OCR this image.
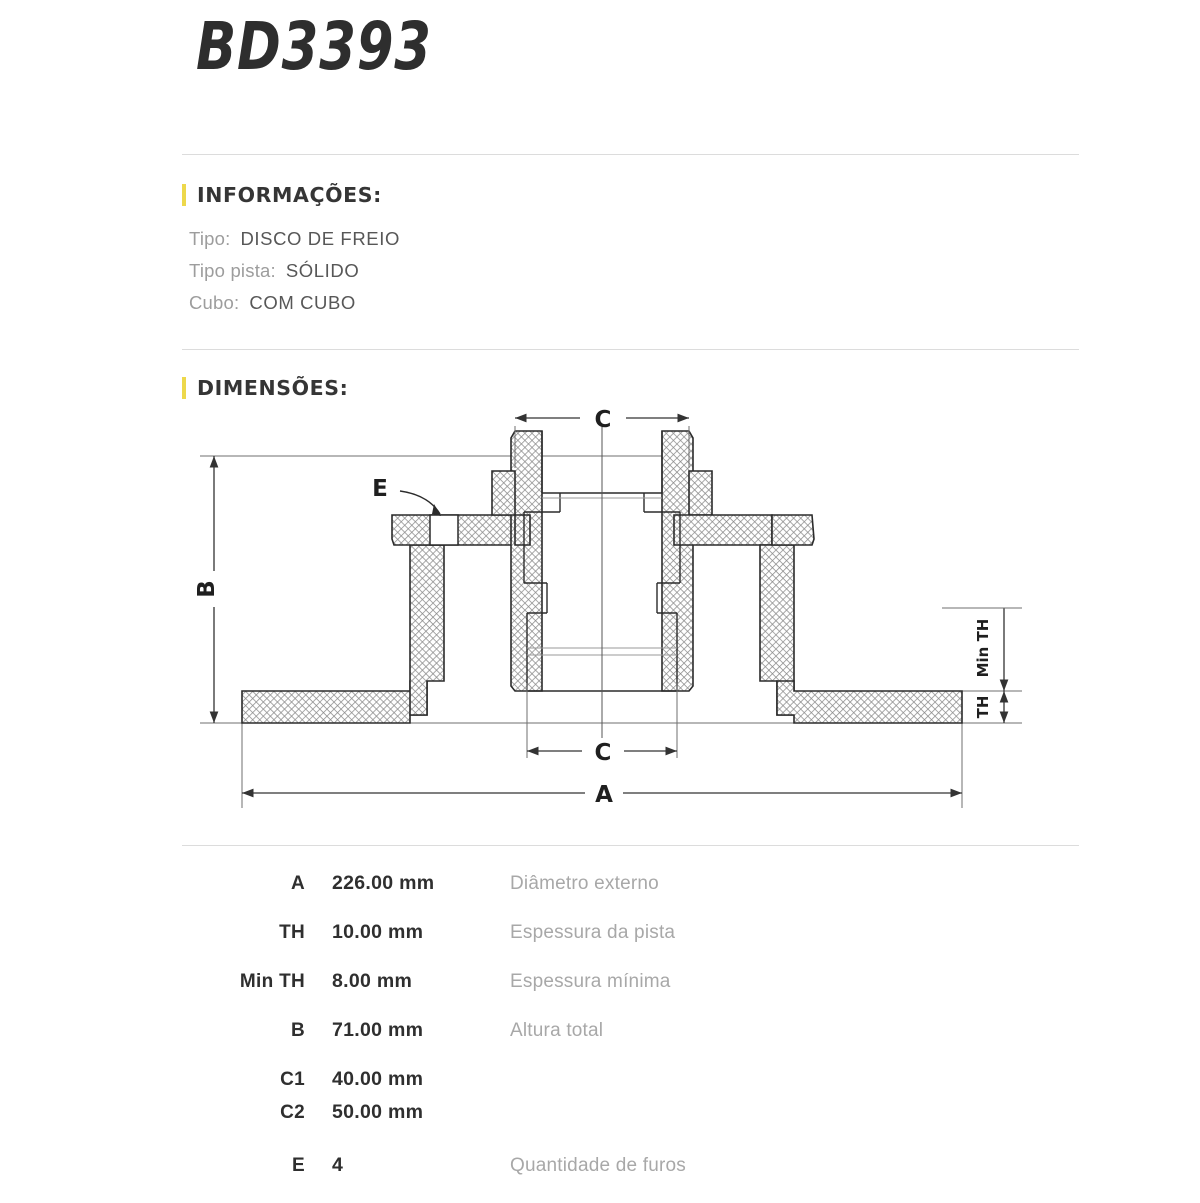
BD3393
INFORMAÇÕES:
Tipo: DISCO DE FREIO
Tipo pista: SÓLIDO
Cubo: COM CUBO
DIMENSÕES:
B
A
C
C
E
TH
Min TH
A	226.00 mm	Diâmetro externo
TH	10.00 mm	Espessura da pista
Min TH	8.00 mm	Espessura mínima
B	71.00 mm	Altura total
C1	40.00 mm
C2	50.00 mm
E	4	Quantidade de furos
